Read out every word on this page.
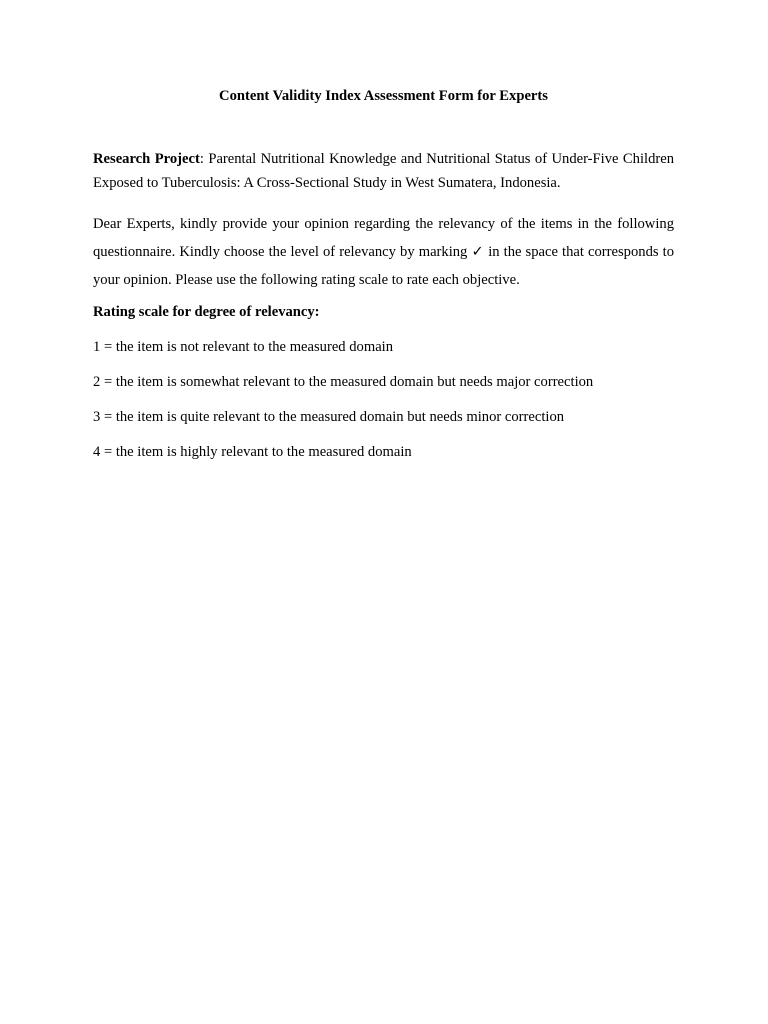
Content Validity Index Assessment Form for Experts

Research Project: Parental Nutritional Knowledge and Nutritional Status of Under-Five Children Exposed to Tuberculosis: A Cross-Sectional Study in West Sumatera, Indonesia.

Dear Experts, kindly provide your opinion regarding the relevancy of the items in the following questionnaire. Kindly choose the level of relevancy by marking ✓ in the space that corresponds to your opinion. Please use the following rating scale to rate each objective.

Rating scale for degree of relevancy:

1 = the item is not relevant to the measured domain

2 = the item is somewhat relevant to the measured domain but needs major correction

3 = the item is quite relevant to the measured domain but needs minor correction

4 = the item is highly relevant to the measured domain
